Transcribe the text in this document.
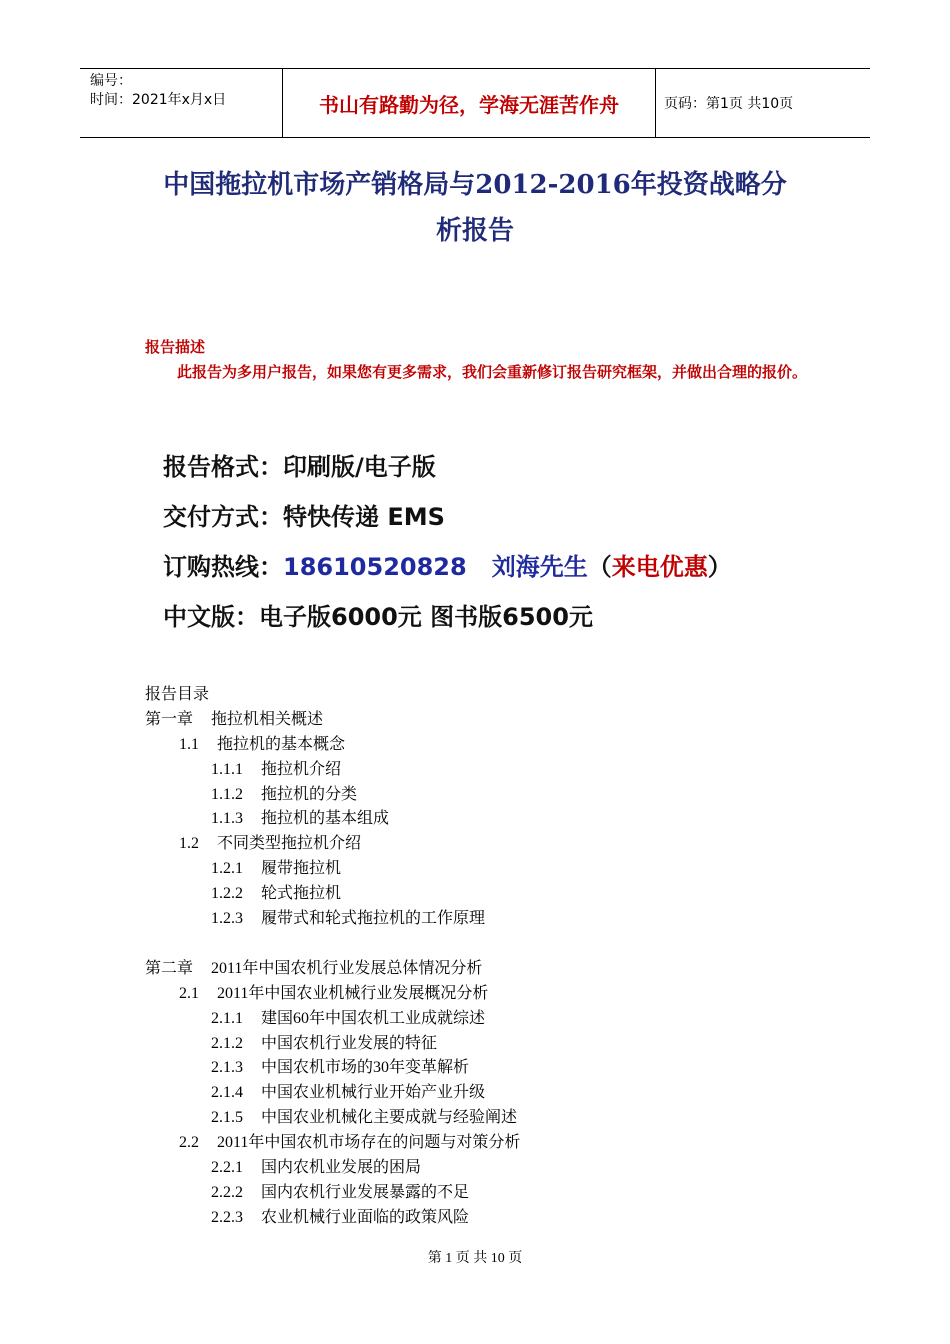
编号：
时间：2021年x月x日	书山有路勤为径，学海无涯苦作舟	页码：第1页 共10页
中国拖拉机市场产销格局与2012-2016年投资战略分
析报告
报告描述
此报告为多用户报告，如果您有更多需求，我们会重新修订报告研究框架，并做出合理的报价。
报告格式：印刷版/电子版
交付方式：特快传递 EMS
订购热线：18610520828 刘海先生（来电优惠）
中文版：电子版6000元 图书版6500元
报告目录
第一章 拖拉机相关概述
1.1 拖拉机的基本概念
1.1.1 拖拉机介绍
1.1.2 拖拉机的分类
1.1.3 拖拉机的基本组成
1.2 不同类型拖拉机介绍
1.2.1 履带拖拉机
1.2.2 轮式拖拉机
1.2.3 履带式和轮式拖拉机的工作原理
第二章 2011年中国农机行业发展总体情况分析
2.1 2011年中国农业机械行业发展概况分析
2.1.1 建国60年中国农机工业成就综述
2.1.2 中国农机行业发展的特征
2.1.3 中国农机市场的30年变革解析
2.1.4 中国农业机械行业开始产业升级
2.1.5 中国农业机械化主要成就与经验阐述
2.2 2011年中国农机市场存在的问题与对策分析
2.2.1 国内农机业发展的困局
2.2.2 国内农机行业发展暴露的不足
2.2.3 农业机械行业面临的政策风险
第 1 页 共 10 页
